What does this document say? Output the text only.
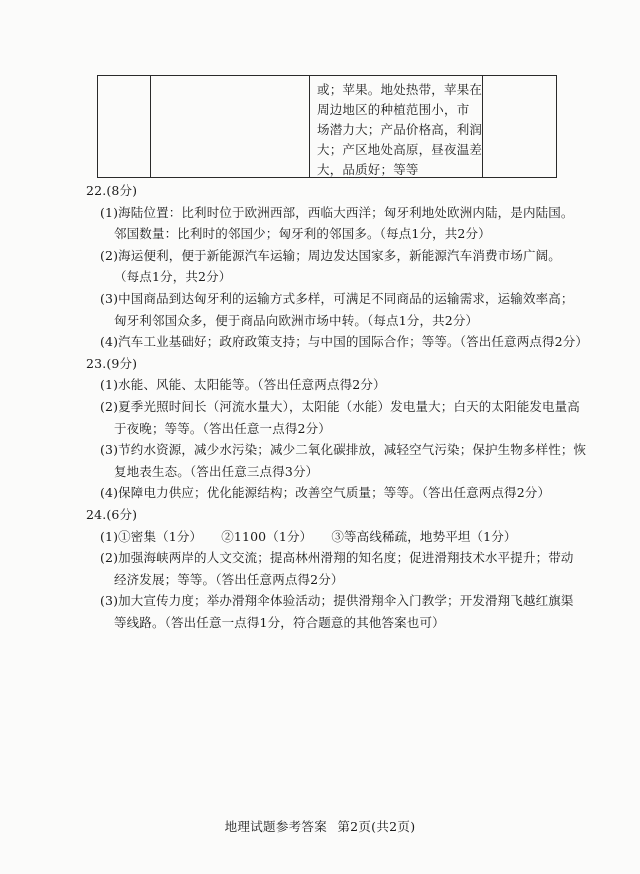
或；苹果。地处热带，苹果在
周边地区的种植范围小，市
场潜力大；产品价格高，利润
大；产区地处高原，昼夜温差
大，品质好；等等
22.(8分)
(1)海陆位置：比利时位于欧洲西部，西临大西洋；匈牙利地处欧洲内陆，是内陆国。
邻国数量：比利时的邻国少；匈牙利的邻国多。（每点1分，共2分）
(2)海运便利，便于新能源汽车运输；周边发达国家多，新能源汽车消费市场广阔。
（每点1分，共2分）
(3)中国商品到达匈牙利的运输方式多样，可满足不同商品的运输需求，运输效率高；
匈牙利邻国众多，便于商品向欧洲市场中转。（每点1分，共2分）
(4)汽车工业基础好；政府政策支持；与中国的国际合作；等等。（答出任意两点得2分）
23.(9分)
(1)水能、风能、太阳能等。（答出任意两点得2分）
(2)夏季光照时间长（河流水量大），太阳能（水能）发电量大；白天的太阳能发电量高
于夜晚；等等。（答出任意一点得2分）
(3)节约水资源，减少水污染；减少二氧化碳排放，减轻空气污染；保护生物多样性；恢
复地表生态。（答出任意三点得3分）
(4)保障电力供应；优化能源结构；改善空气质量；等等。（答出任意两点得2分）
24.(6分)
(1)①密集（1分）　　②1100（1分）　　③等高线稀疏，地势平坦（1分）
(2)加强海峡两岸的人文交流；提高林州滑翔的知名度；促进滑翔技术水平提升；带动
经济发展；等等。（答出任意两点得2分）
(3)加大宣传力度；举办滑翔伞体验活动；提供滑翔伞入门教学；开发滑翔飞越红旗渠
等线路。（答出任意一点得1分，符合题意的其他答案也可）
地理试题参考答案 第2页(共2页)
